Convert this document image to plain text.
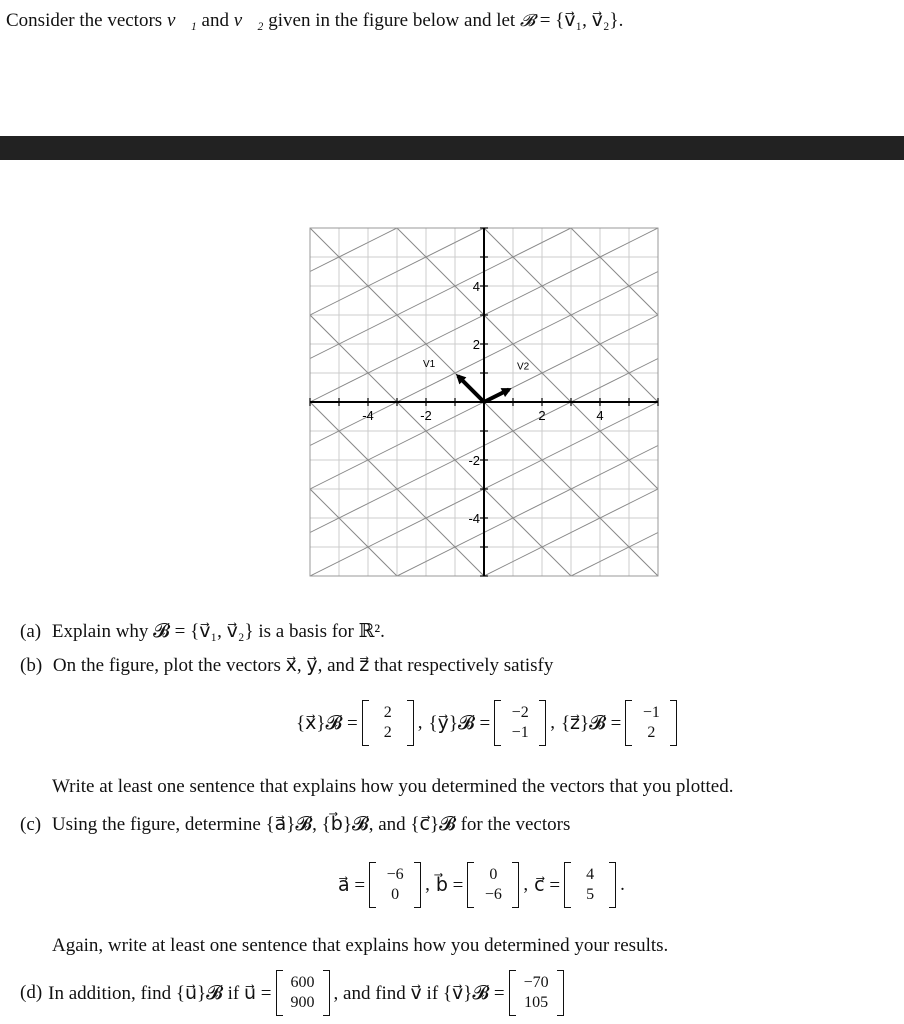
Consider the vectors v⃗₁ and v⃗₂ given in the figure below and let 𝓑 = {v⃗₁, v⃗₂}.
-4	-2	2	4
4
2
-2
-4
V1	V2
(a) Explain why 𝓑 = {v⃗₁, v⃗₂} is a basis for ℝ².
(b) On the figure, plot the vectors x⃗, y⃗, and z⃗ that respectively satisfy
{x⃗}𝓑 = 2
2 , {y⃗}𝓑 = −2
−1 , {z⃗}𝓑 = −1
2
Write at least one sentence that explains how you determined the vectors that you plotted.
(c) Using the figure, determine {a⃗}𝓑, {b⃗}𝓑, and {c⃗}𝓑 for the vectors
a⃗ = −6
0 , b⃗ = 0
−6 , c⃗ = 4
5 .
Again, write at least one sentence that explains how you determined your results.
(d) In addition, find {u⃗}𝓑 if u⃗ = 600
900 , and find v⃗ if {v⃗}𝓑 = −70
105
